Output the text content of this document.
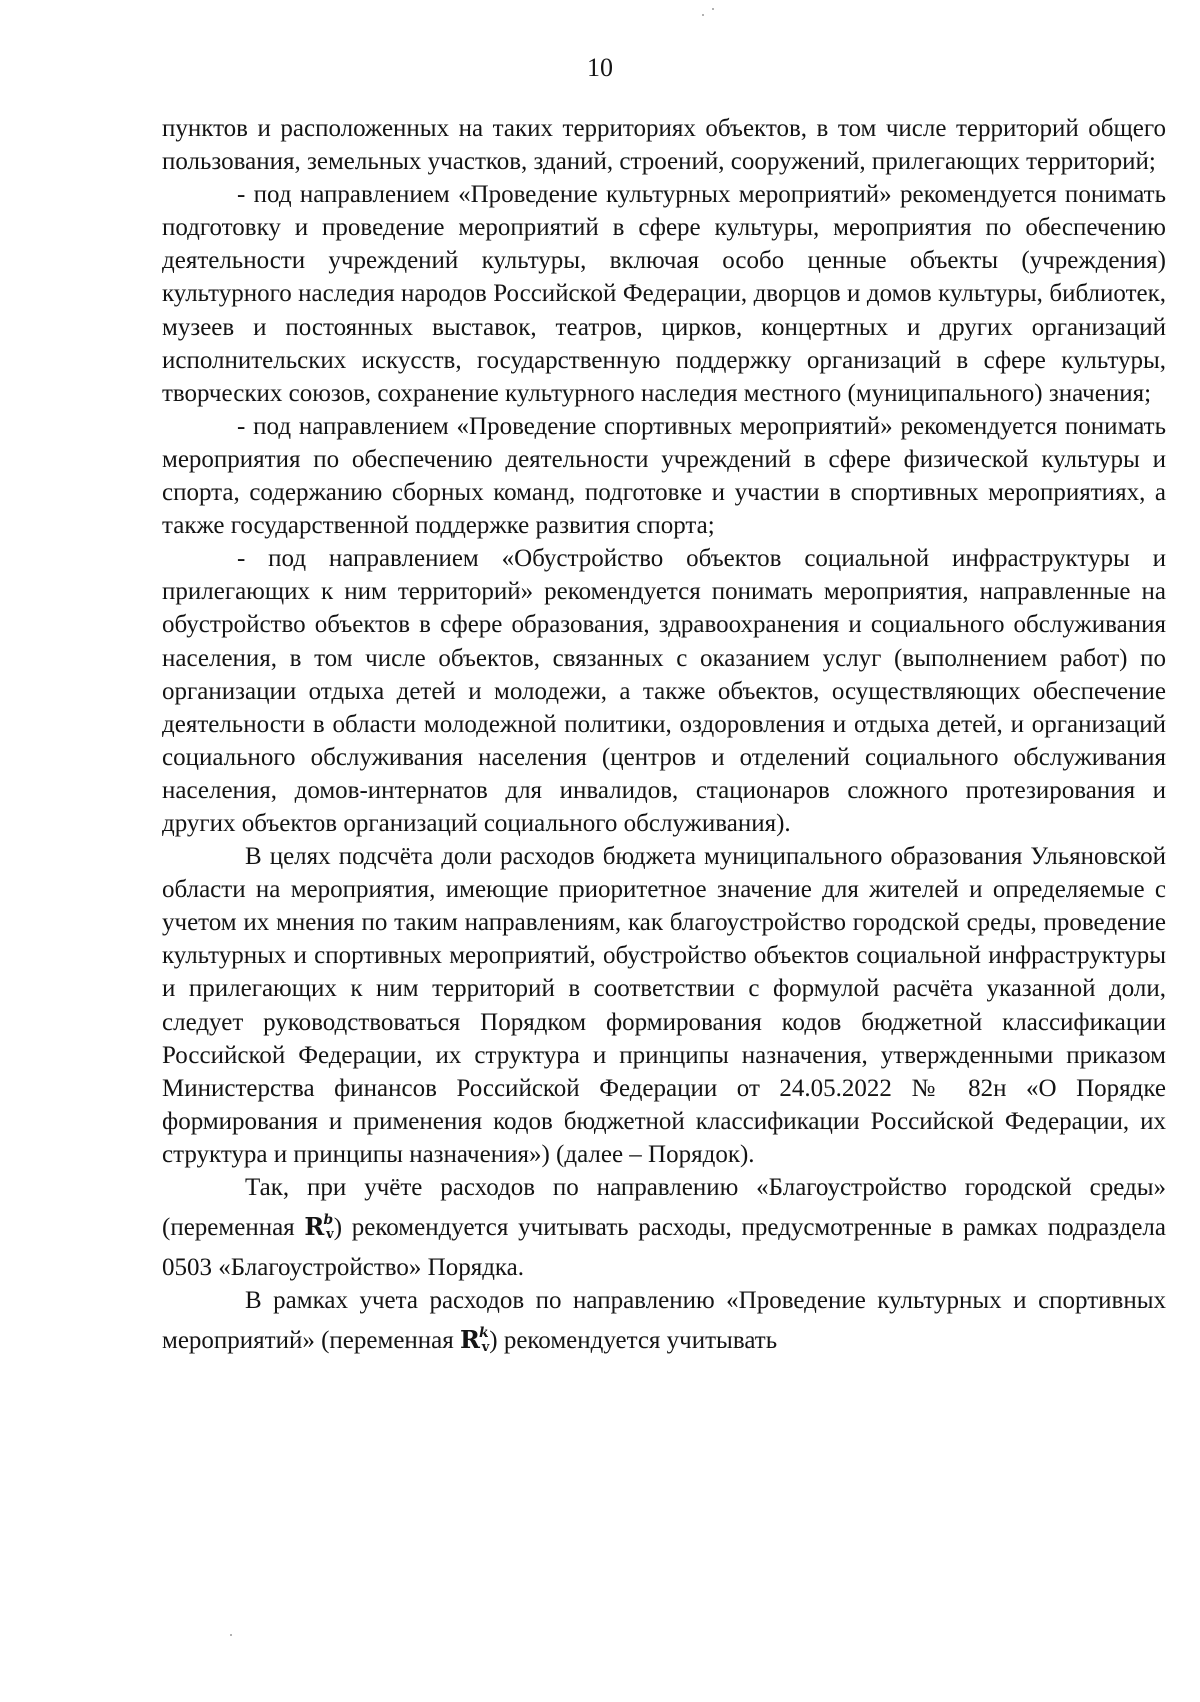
10

пунктов и расположенных на таких территориях объектов, в том числе территорий общего пользования, земельных участков, зданий, строений, сооружений, прилегающих территорий;

- под направлением «Проведение культурных мероприятий» рекомендуется понимать подготовку и проведение мероприятий в сфере культуры, мероприятия по обеспечению деятельности учреждений культуры, включая особо ценные объекты (учреждения) культурного наследия народов Российской Федерации, дворцов и домов культуры, библиотек, музеев и постоянных выставок, театров, цирков, концертных и других организаций исполнительских искусств, государственную поддержку организаций в сфере культуры, творческих союзов, сохранение культурного наследия местного (муниципального) значения;

- под направлением «Проведение спортивных мероприятий» рекомендуется понимать мероприятия по обеспечению деятельности учреждений в сфере физической культуры и спорта, содержанию сборных команд, подготовке и участии в спортивных мероприятиях, а также государственной поддержке развития спорта;

- под направлением «Обустройство объектов социальной инфраструктуры и прилегающих к ним территорий» рекомендуется понимать мероприятия, направленные на обустройство объектов в сфере образования, здравоохранения и социального обслуживания населения, в том числе объектов, связанных с оказанием услуг (выполнением работ) по организации отдыха детей и молодежи, а также объектов, осуществляющих обеспечение деятельности в области молодежной политики, оздоровления и отдыха детей, и организаций социального обслуживания населения (центров и отделений социального обслуживания населения, домов-интернатов для инвалидов, стационаров сложного протезирования и других объектов организаций социального обслуживания).

В целях подсчёта доли расходов бюджета муниципального образования Ульяновской области на мероприятия, имеющие приоритетное значение для жителей и определяемые с учетом их мнения по таким направлениям, как благоустройство городской среды, проведение культурных и спортивных мероприятий, обустройство объектов социальной инфраструктуры и прилегающих к ним территорий в соответствии с формулой расчёта указанной доли, следует руководствоваться Порядком формирования кодов бюджетной классификации Российской Федерации, их структура и принципы назначения, утвержденными приказом Министерства финансов Российской Федерации от 24.05.2022 № 82н «О Порядке формирования и применения кодов бюджетной классификации Российской Федерации, их структура и принципы назначения») (далее – Порядок).

Так, при учёте расходов по направлению «Благоустройство городской среды» (переменная $R^b_v$) рекомендуется учитывать расходы, предусмотренные в рамках подраздела 0503 «Благоустройство» Порядка.

В рамках учета расходов по направлению «Проведение культурных и спортивных мероприятий» (переменная $R^k_v$) рекомендуется учитывать
